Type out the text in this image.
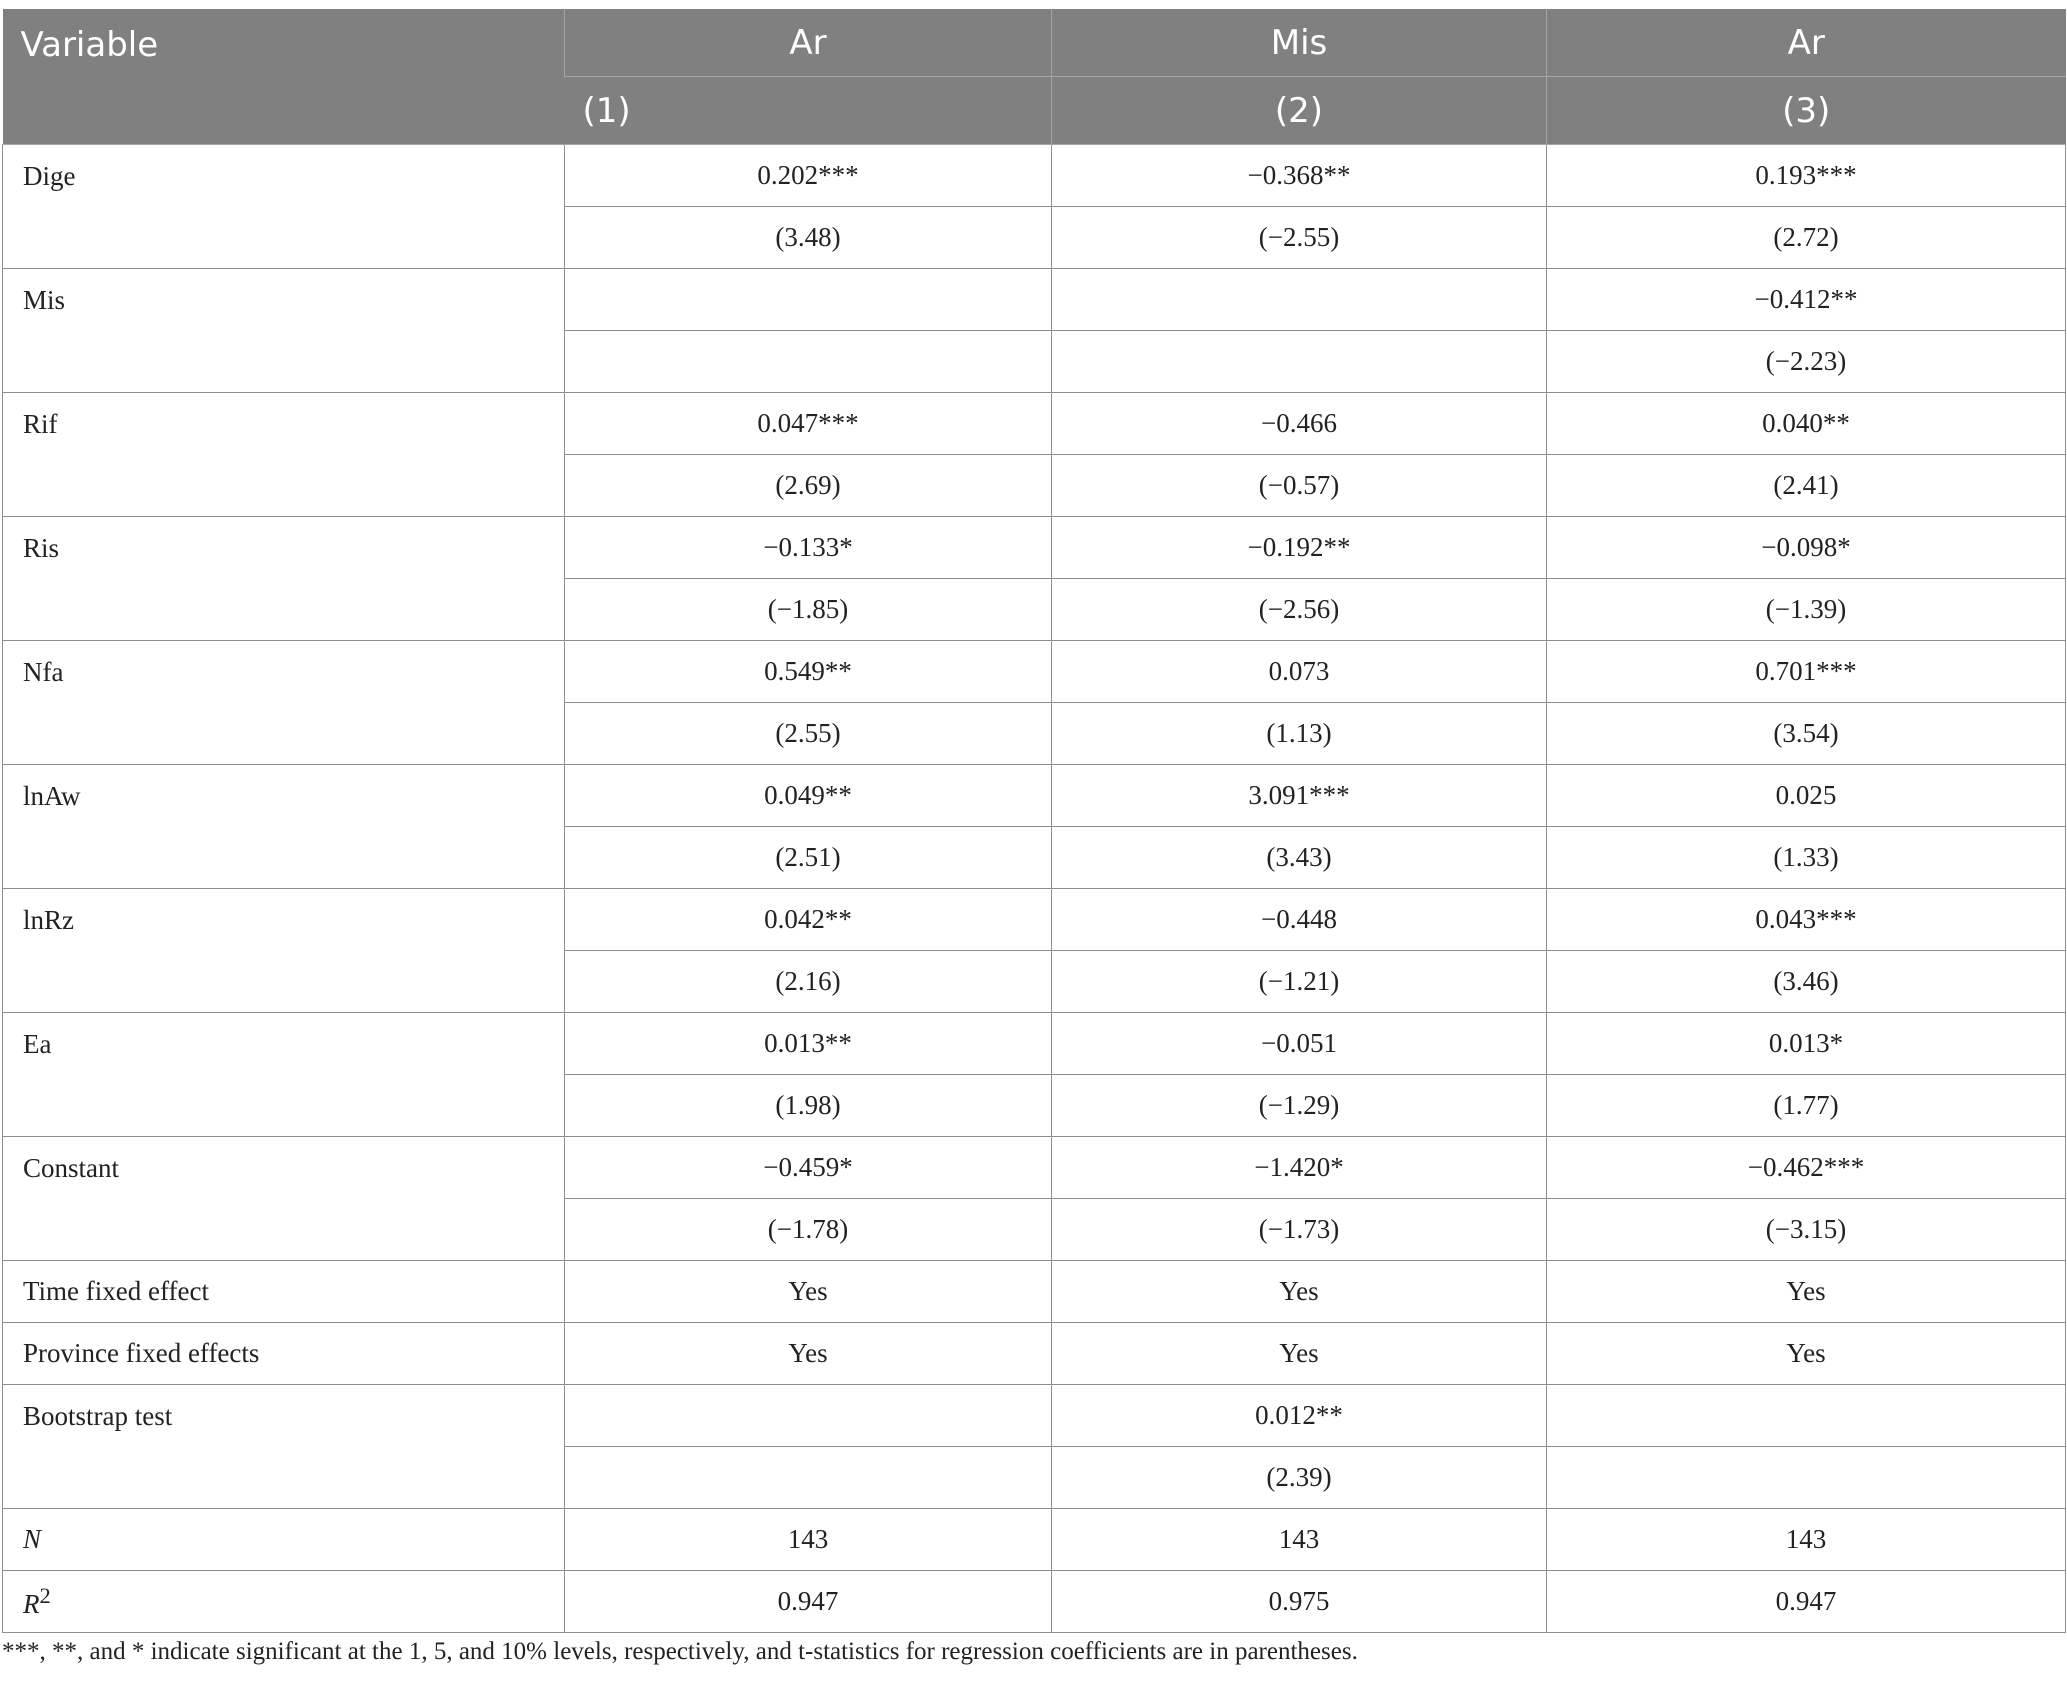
Variable	Ar	Mis	Ar
	(1)	(2)	(3)
Dige	0.202***	−0.368**	0.193***
	(3.48)	(−2.55)	(2.72)
Mis			−0.412**
			(−2.23)
Rif	0.047***	−0.466	0.040**
	(2.69)	(−0.57)	(2.41)
Ris	−0.133*	−0.192**	−0.098*
	(−1.85)	(−2.56)	(−1.39)
Nfa	0.549**	0.073	0.701***
	(2.55)	(1.13)	(3.54)
lnAw	0.049**	3.091***	0.025
	(2.51)	(3.43)	(1.33)
lnRz	0.042**	−0.448	0.043***
	(2.16)	(−1.21)	(3.46)
Ea	0.013**	−0.051	0.013*
	(1.98)	(−1.29)	(1.77)
Constant	−0.459*	−1.420*	−0.462***
	(−1.78)	(−1.73)	(−3.15)
Time fixed effect	Yes	Yes	Yes
Province fixed effects	Yes	Yes	Yes
Bootstrap test		0.012**	
		(2.39)	
N	143	143	143
$R^2$	0.947	0.975	0.947
***, **, and * indicate significant at the 1, 5, and 10% levels, respectively, and t-statistics for regression coefficients are in parentheses.
